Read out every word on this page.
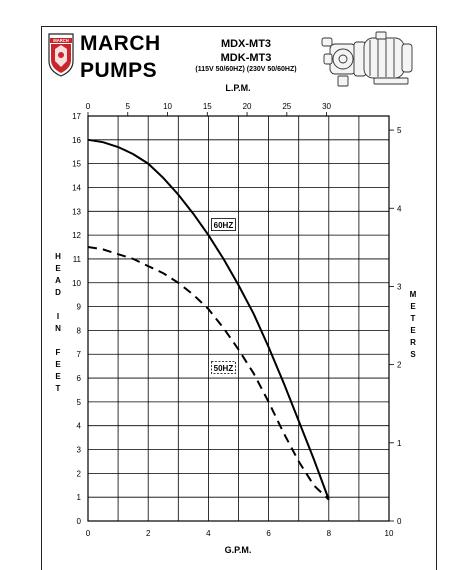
MARCH MARCH
PUMPS
MDX-MT3
MDK-MT3
(115V 50/60HZ) (230V 50/60HZ)
0
1
2
3
4
5
6
7
8
9
10
11
12
13
14
15
16
17
0	2	4	6	8	10
0	5	10	15	20	25	30
0
1
2
3
4
5
60HZ
50HZ
L.P.M.
G.P.M.
H
E
A
D
I
N
F
E
E
T
M
E
T
E
R
S
